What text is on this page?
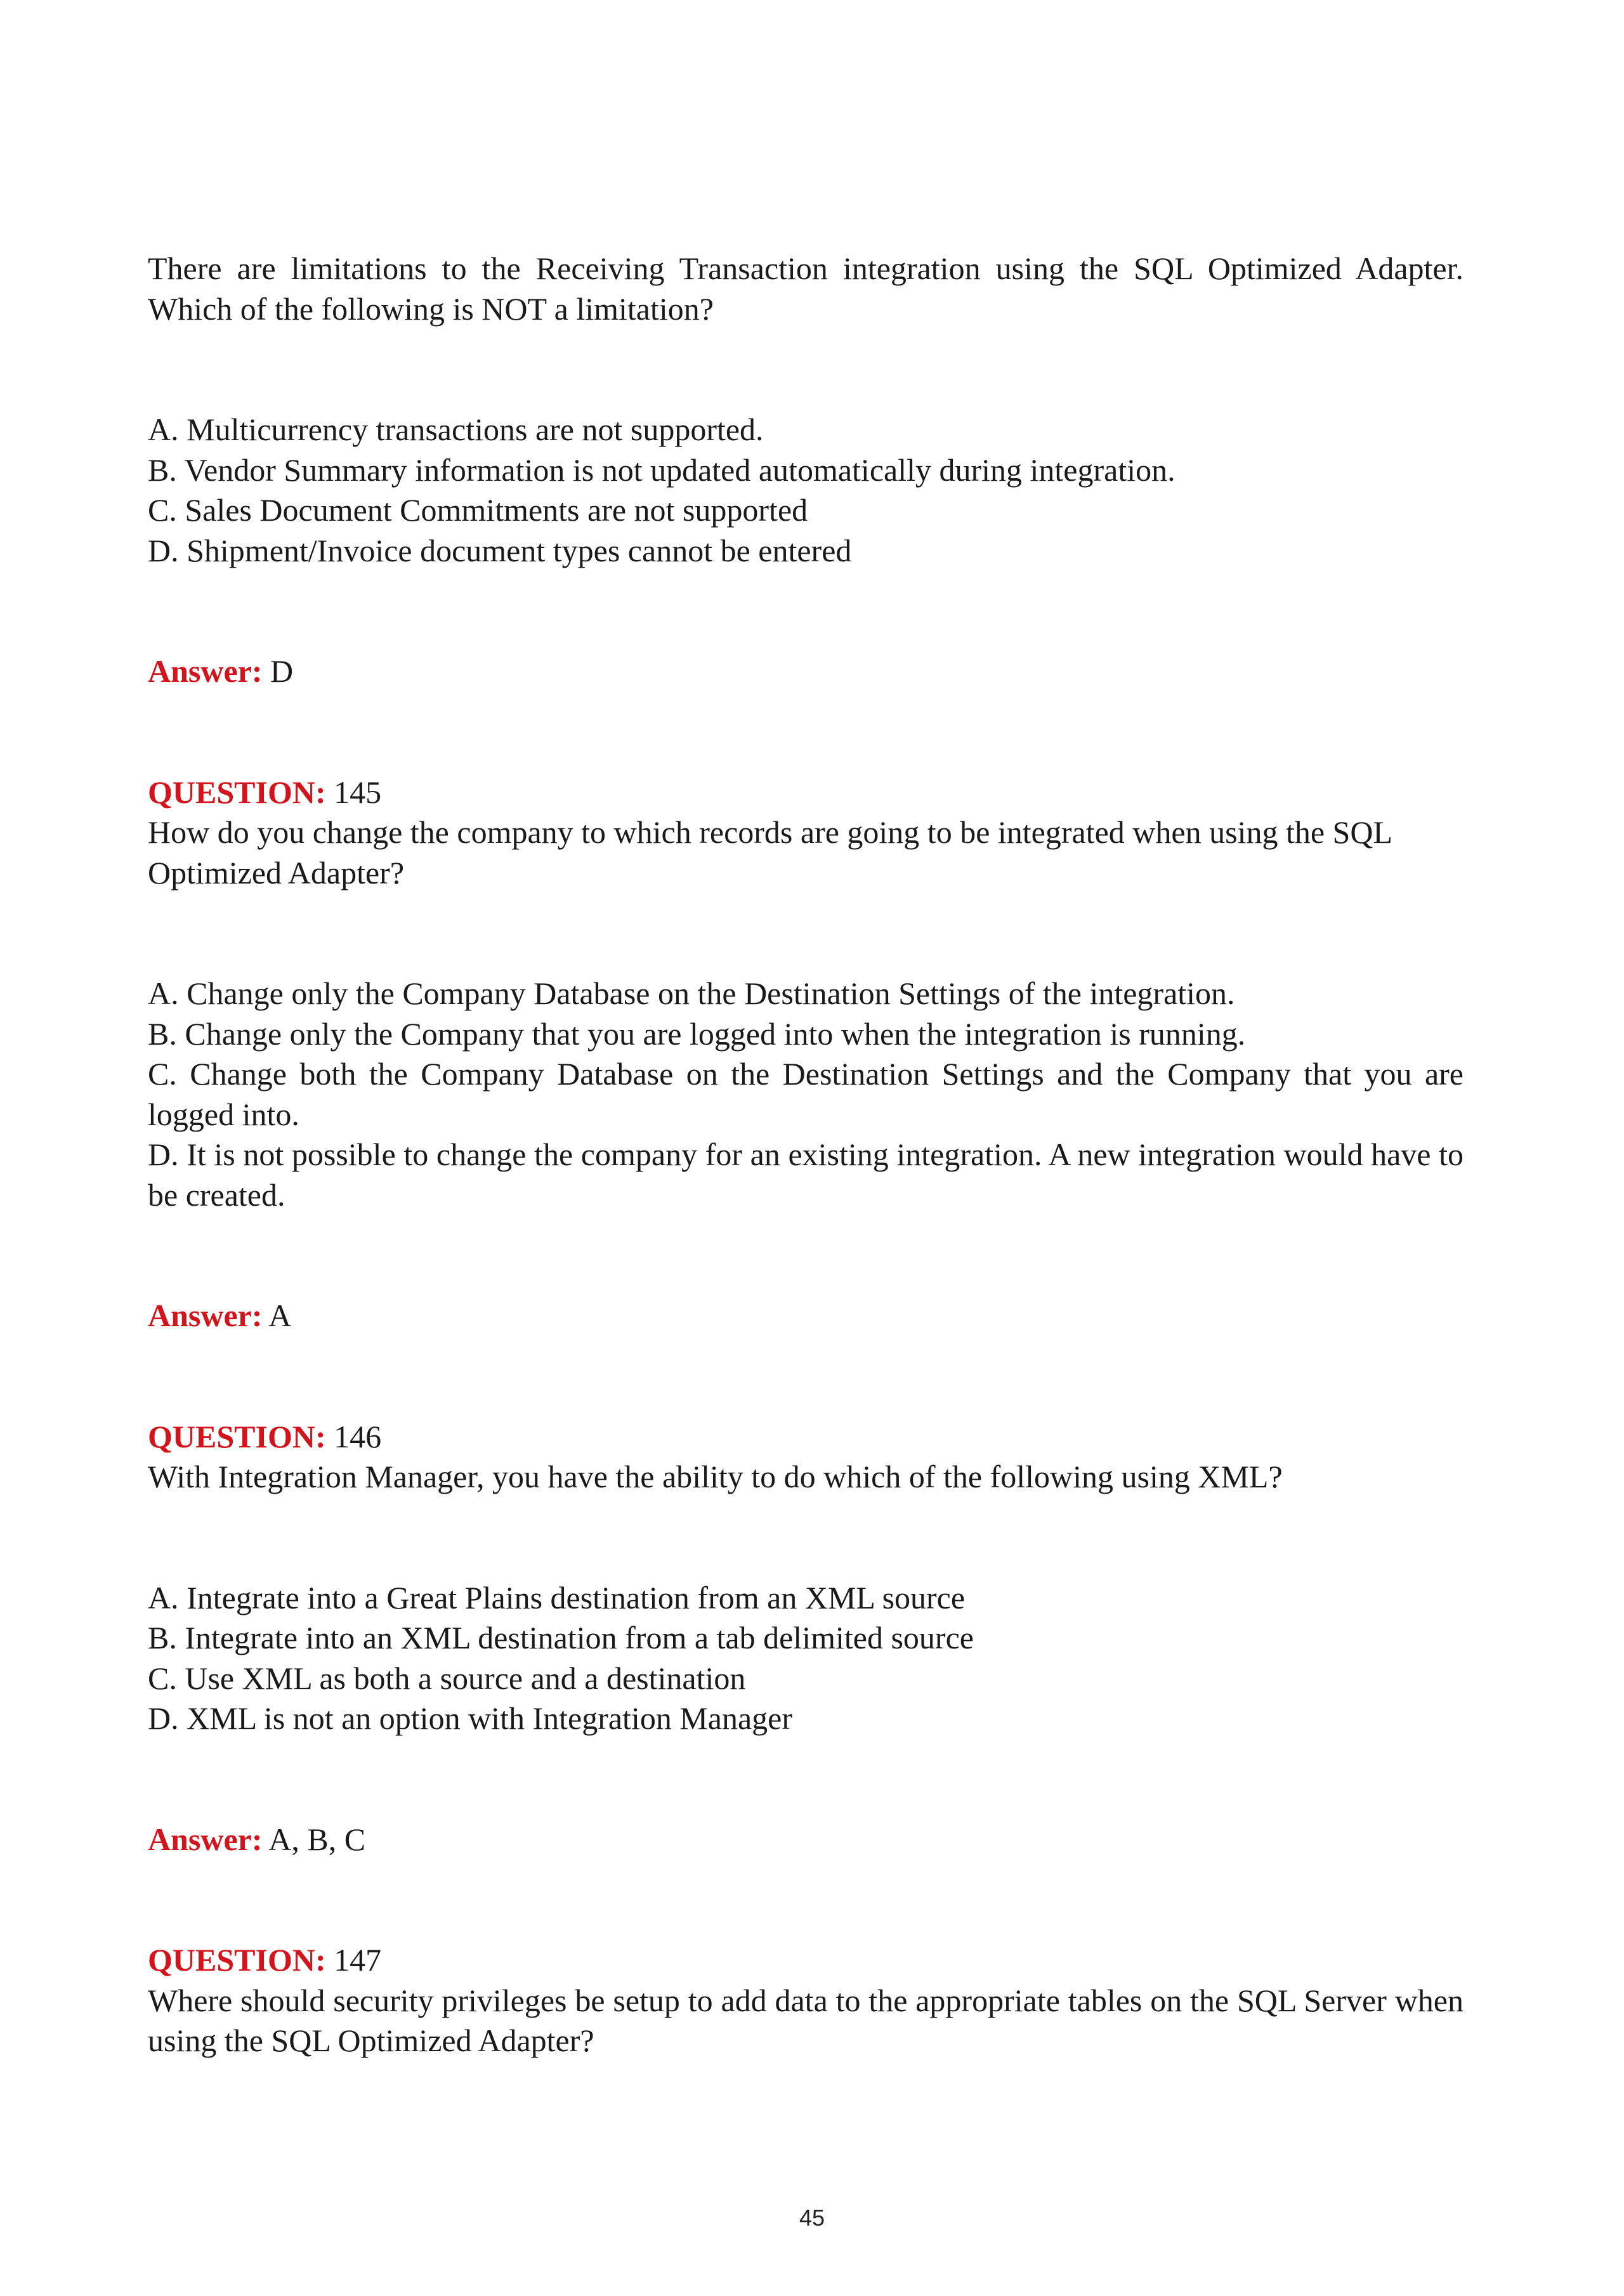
There are limitations to the Receiving Transaction integration using the SQL Optimized Adapter. Which of the following is NOT a limitation?

A. Multicurrency transactions are not supported.

B. Vendor Summary information is not updated automatically during integration.

C. Sales Document Commitments are not supported

D. Shipment/Invoice document types cannot be entered

Answer: D

QUESTION: 145

How do you change the company to which records are going to be integrated when using the SQL Optimized Adapter?

A. Change only the Company Database on the Destination Settings of the integration.

B. Change only the Company that you are logged into when the integration is running.

C. Change both the Company Database on the Destination Settings and the Company that you are logged into.

D. It is not possible to change the company for an existing integration. A new integration would have to be created.

Answer: A

QUESTION: 146

With Integration Manager, you have the ability to do which of the following using XML?

A. Integrate into a Great Plains destination from an XML source

B. Integrate into an XML destination from a tab delimited source

C. Use XML as both a source and a destination

D. XML is not an option with Integration Manager

Answer: A, B, C

QUESTION: 147

Where should security privileges be setup to add data to the appropriate tables on the SQL Server when using the SQL Optimized Adapter?

45
